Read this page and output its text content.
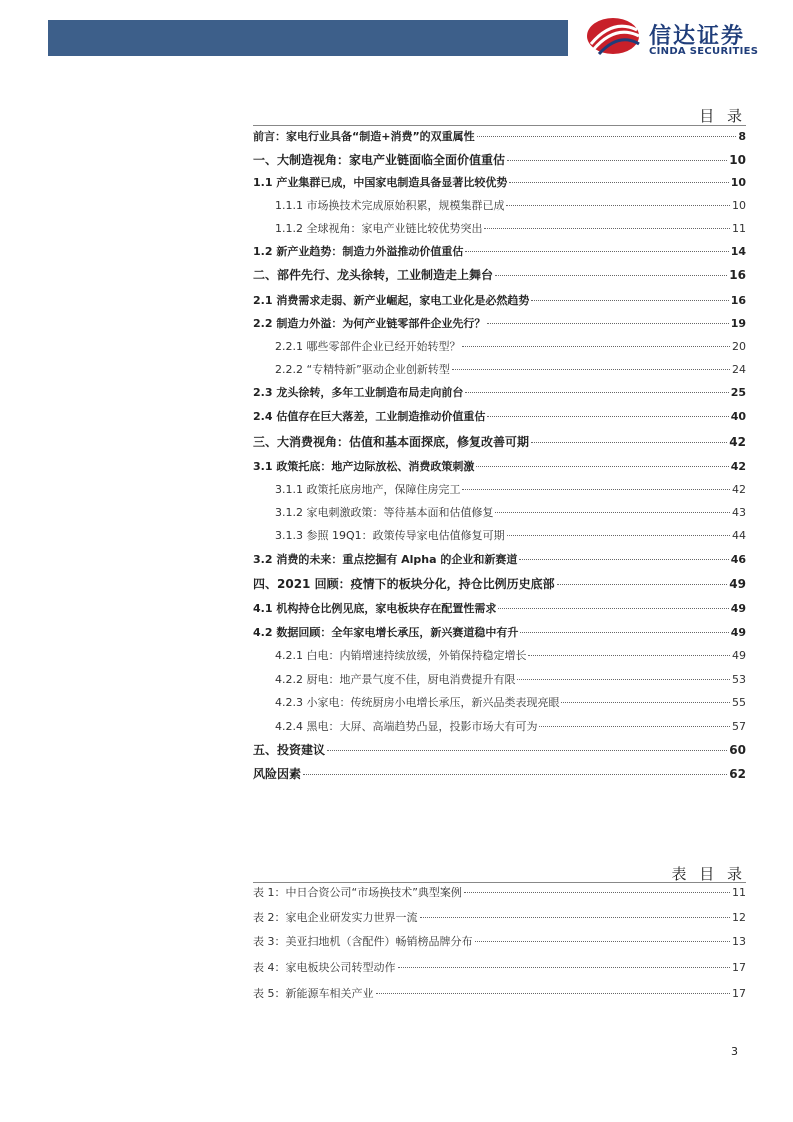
信达证券
CINDA SECURITIES
目 录
前言：家电行业具备“制造+消费”的双重属性	8
一、大制造视角：家电产业链面临全面价值重估	10
1.1 产业集群已成，中国家电制造具备显著比较优势	10
1.1.1 市场换技术完成原始积累，规模集群已成	10
1.1.2 全球视角：家电产业链比较优势突出	11
1.2 新产业趋势：制造力外溢推动价值重估	14
二、部件先行、龙头徐转，工业制造走上舞台	16
2.1 消费需求走弱、新产业崛起，家电工业化是必然趋势	16
2.2 制造力外溢：为何产业链零部件企业先行？	19
2.2.1 哪些零部件企业已经开始转型？	20
2.2.2 “专精特新”驱动企业创新转型	24
2.3 龙头徐转，多年工业制造布局走向前台	25
2.4 估值存在巨大落差，工业制造推动价值重估	40
三、大消费视角：估值和基本面探底，修复改善可期	42
3.1 政策托底：地产边际放松、消费政策刺激	42
3.1.1 政策托底房地产，保障住房完工	42
3.1.2 家电刺激政策：等待基本面和估值修复	43
3.1.3 参照 19Q1：政策传导家电估值修复可期	44
3.2 消费的未来：重点挖掘有 Alpha 的企业和新赛道	46
四、2021 回顾：疫情下的板块分化，持仓比例历史底部	49
4.1 机构持仓比例见底，家电板块存在配置性需求	49
4.2 数据回顾：全年家电增长承压，新兴赛道稳中有升	49
4.2.1 白电：内销增速持续放缓，外销保持稳定增长	49
4.2.2 厨电：地产景气度不佳，厨电消费提升有限	53
4.2.3 小家电：传统厨房小电增长承压，新兴品类表现亮眼	55
4.2.4 黑电：大屏、高端趋势凸显，投影市场大有可为	57
五、投资建议	60
风险因素	62
表 目 录
表 1：中日合资公司“市场换技术”典型案例	11
表 2：家电企业研发实力世界一流	12
表 3：美亚扫地机（含配件）畅销榜品牌分布	13
表 4：家电板块公司转型动作	17
表 5：新能源车相关产业	17
3
